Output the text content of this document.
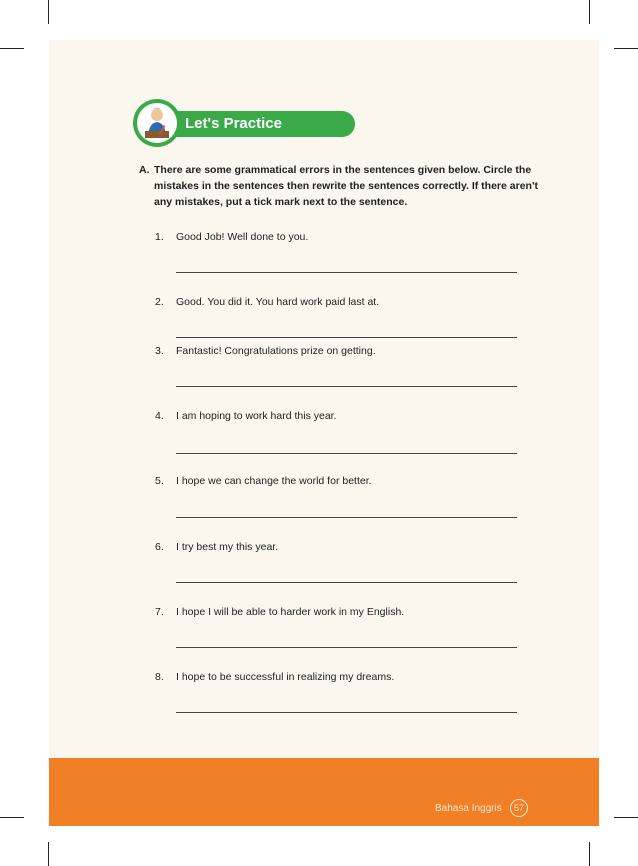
Let's Practice
A. There are some grammatical errors in the sentences given below. Circle the mistakes in the sentences then rewrite the sentences correctly. If there aren't any mistakes, put a tick mark next to the sentence.
1. Good Job! Well done to you.
2. Good. You did it. You hard work paid last at.
3. Fantastic! Congratulations prize on getting.
4. I am hoping to work hard this year.
5. I hope we can change the world for better.
6. I try best my this year.
7. I hope I will be able to harder work in my English.
8. I hope to be successful in realizing my dreams.
Bahasa Inggris	57
